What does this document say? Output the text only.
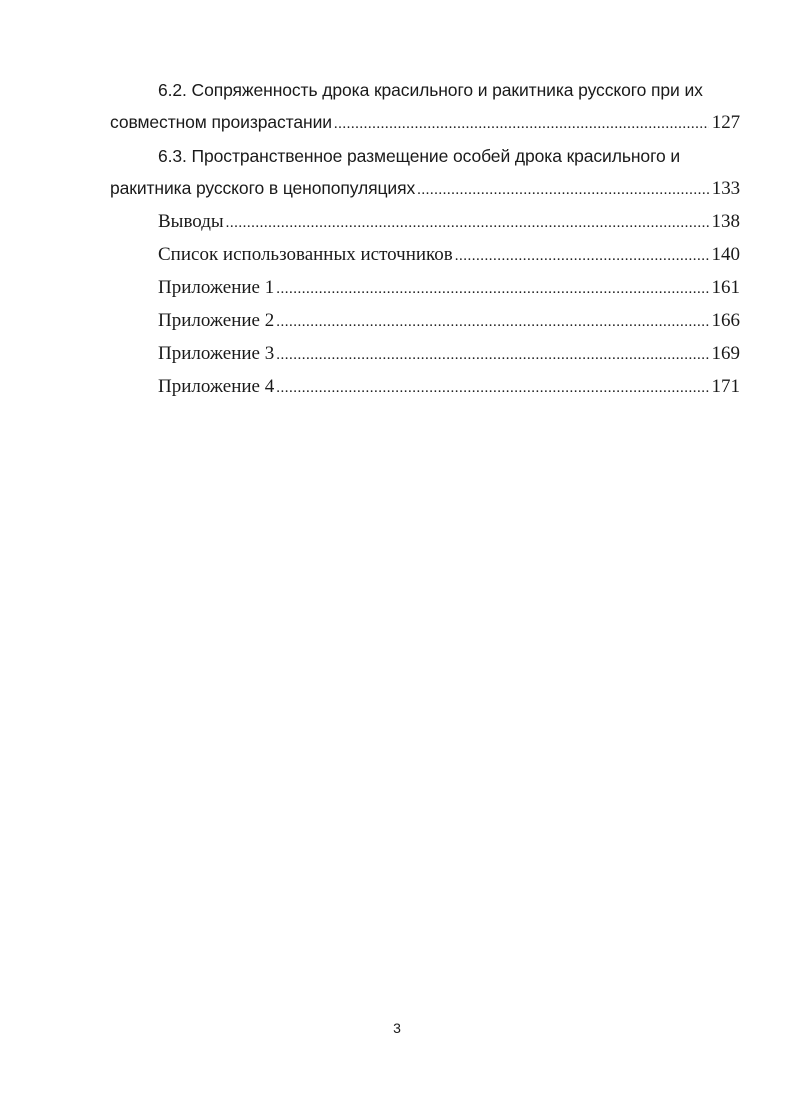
6.2. Сопряженность дрока красильного и ракитника русского при их
совместном произрастании .....	127
6.3. Пространственное размещение особей дрока красильного и
ракитника русского в ценопопуляциях .....	133
Выводы .....	138
Список использованных источников .....	140
Приложение 1 .....	161
Приложение 2 .....	166
Приложение 3 .....	169
Приложение 4 .....	171
3
